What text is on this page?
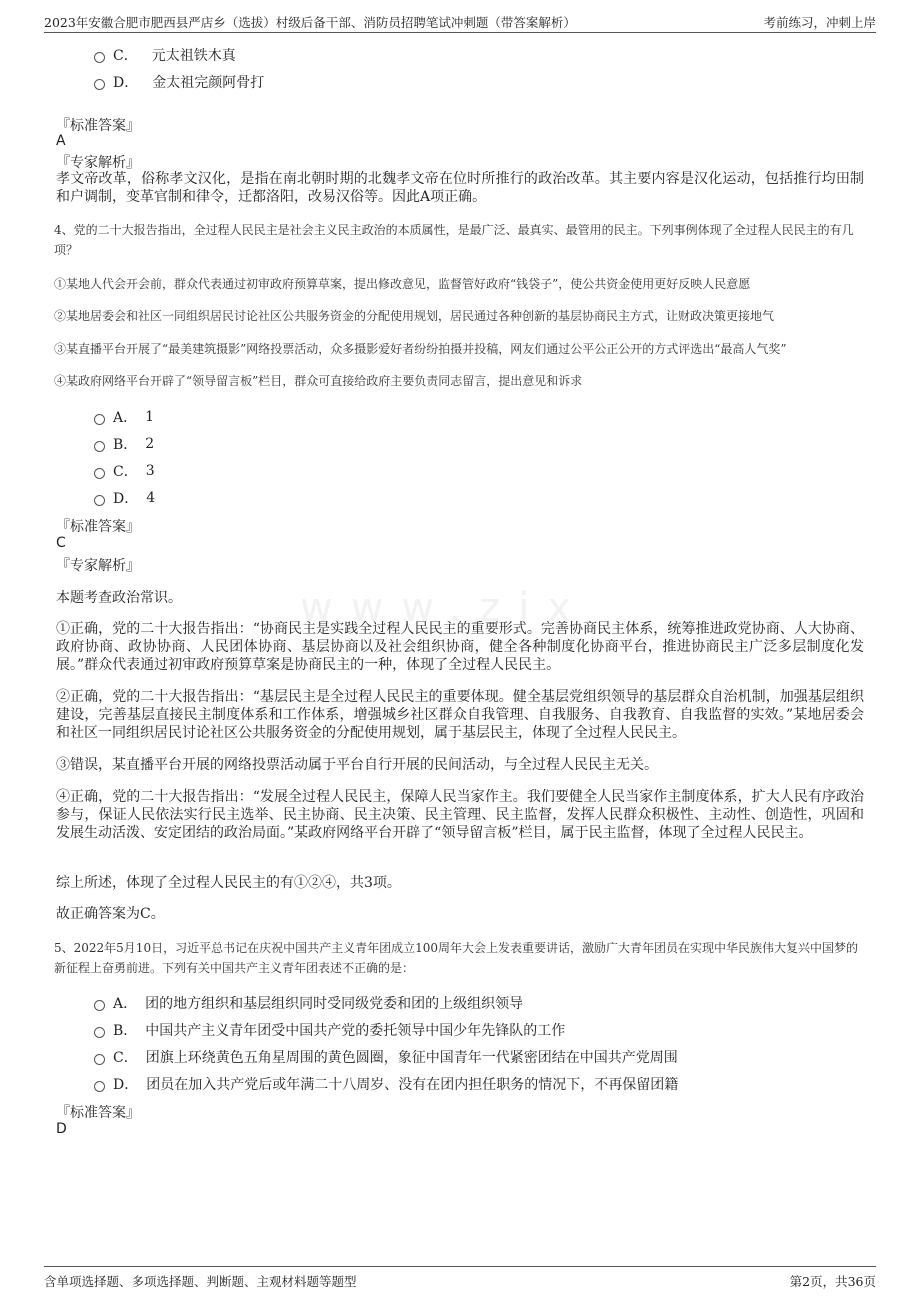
2023年安徽合肥市肥西县严店乡（选拔）村级后备干部、消防员招聘笔试冲刺题（带答案解析）	考前练习，冲刺上岸
www.zix
C． 元太祖铁木真
D． 金太祖完颜阿骨打
『标准答案』
A
『专家解析』
孝文帝改革，俗称孝文汉化，是指在南北朝时期的北魏孝文帝在位时所推行的政治改革。其主要内容是汉化运动，包括推行均田制和户调制，变革官制和律令，迁都洛阳，改易汉俗等。因此A项正确。
4、党的二十大报告指出，全过程人民民主是社会主义民主政治的本质属性，是最广泛、最真实、最管用的民主。下列事例体现了全过程人民民主的有几项？
①某地人代会开会前，群众代表通过初审政府预算草案，提出修改意见，监督管好政府“钱袋子”，使公共资金使用更好反映人民意愿
②某地居委会和社区一同组织居民讨论社区公共服务资金的分配使用规划，居民通过各种创新的基层协商民主方式，让财政决策更接地气
③某直播平台开展了“最美建筑摄影”网络投票活动，众多摄影爱好者纷纷拍摄并投稿，网友们通过公平公正公开的方式评选出“最高人气奖”
④某政府网络平台开辟了“领导留言板”栏目，群众可直接给政府主要负责同志留言，提出意见和诉求
A． 1
B． 2
C． 3
D． 4
『标准答案』
C
『专家解析』
本题考查政治常识。
①正确，党的二十大报告指出：“协商民主是实践全过程人民民主的重要形式。完善协商民主体系，统筹推进政党协商、人大协商、政府协商、政协协商、人民团体协商、基层协商以及社会组织协商，健全各种制度化协商平台，推进协商民主广泛多层制度化发展。”群众代表通过初审政府预算草案是协商民主的一种，体现了全过程人民民主。
②正确，党的二十大报告指出：“基层民主是全过程人民民主的重要体现。健全基层党组织领导的基层群众自治机制，加强基层组织建设，完善基层直接民主制度体系和工作体系，增强城乡社区群众自我管理、自我服务、自我教育、自我监督的实效。”某地居委会和社区一同组织居民讨论社区公共服务资金的分配使用规划，属于基层民主，体现了全过程人民民主。
③错误，某直播平台开展的网络投票活动属于平台自行开展的民间活动，与全过程人民民主无关。
④正确，党的二十大报告指出：“发展全过程人民民主，保障人民当家作主。我们要健全人民当家作主制度体系，扩大人民有序政治参与，保证人民依法实行民主选举、民主协商、民主决策、民主管理、民主监督，发挥人民群众积极性、主动性、创造性，巩固和发展生动活泼、安定团结的政治局面。”某政府网络平台开辟了“领导留言板”栏目，属于民主监督，体现了全过程人民民主。
综上所述，体现了全过程人民民主的有①②④，共3项。
故正确答案为C。
5、2022年5月10日，习近平总书记在庆祝中国共产主义青年团成立100周年大会上发表重要讲话，激励广大青年团员在实现中华民族伟大复兴中国梦的新征程上奋勇前进。下列有关中国共产主义青年团表述不正确的是：
A． 团的地方组织和基层组织同时受同级党委和团的上级组织领导
B． 中国共产主义青年团受中国共产党的委托领导中国少年先锋队的工作
C． 团旗上环绕黄色五角星周围的黄色圆圈，象征中国青年一代紧密团结在中国共产党周围
D． 团员在加入共产党后或年满二十八周岁、没有在团内担任职务的情况下，不再保留团籍
『标准答案』
D
含单项选择题、多项选择题、判断题、主观材料题等题型	第2页，共36页
